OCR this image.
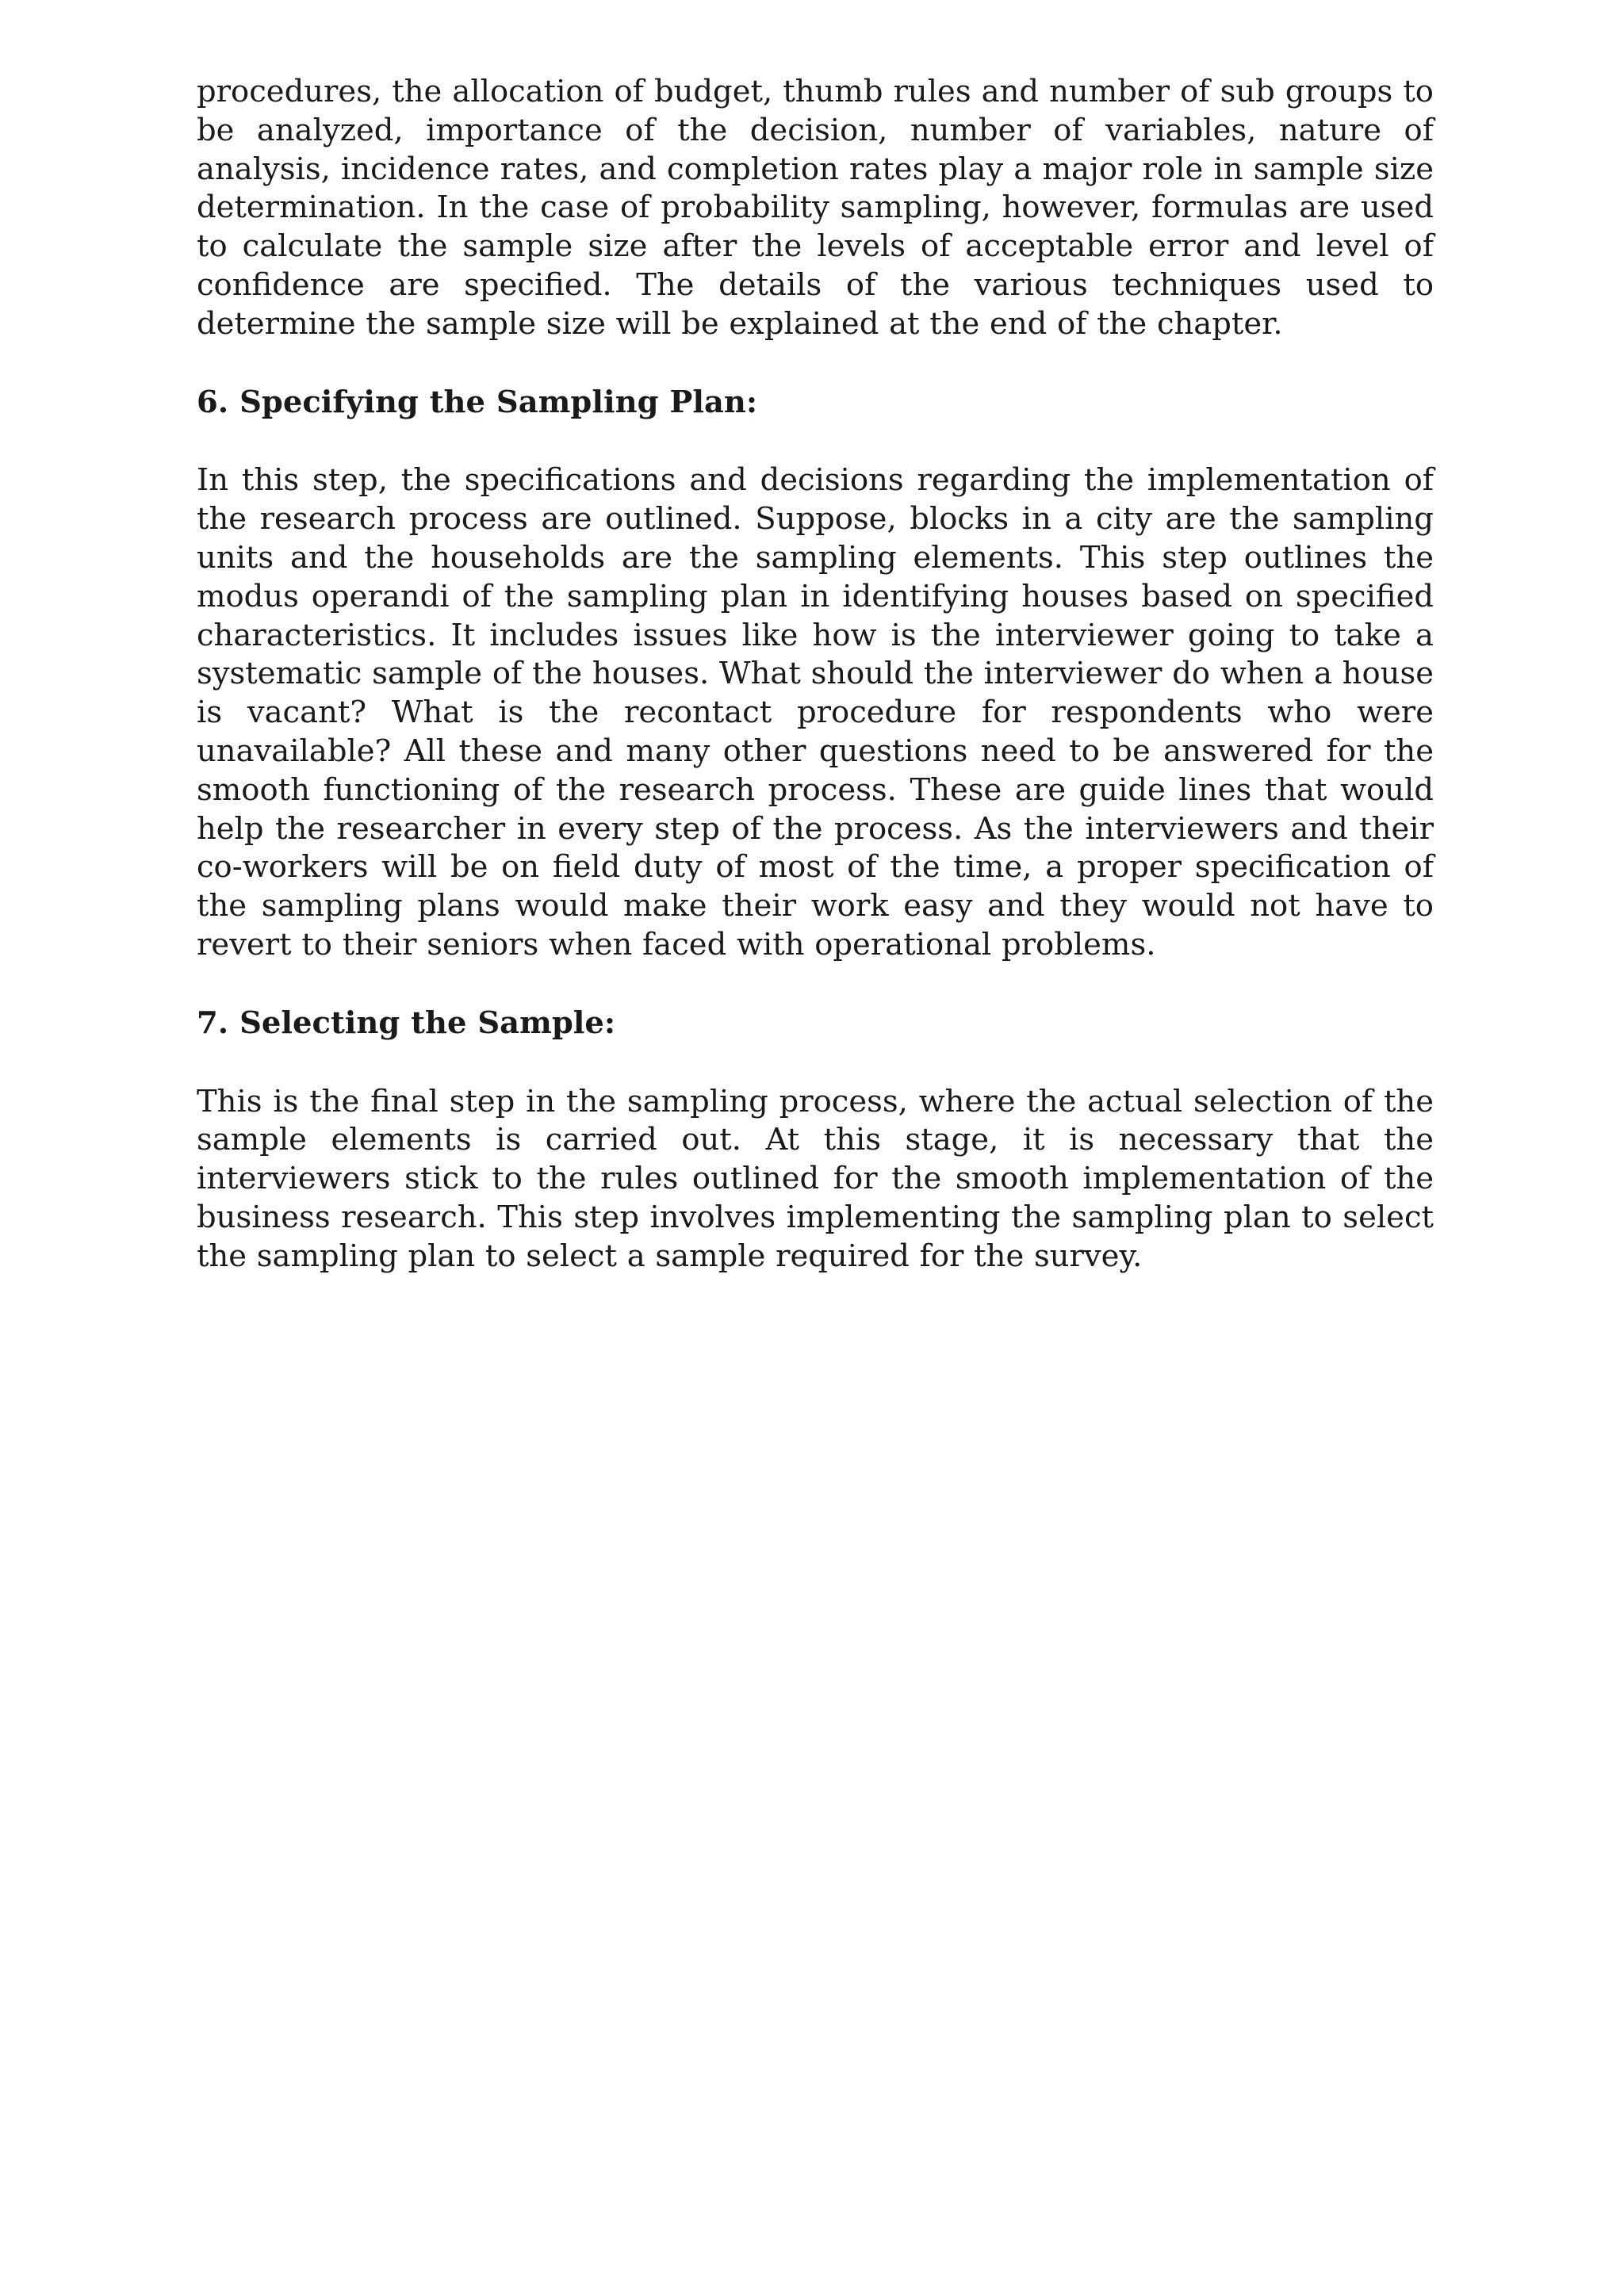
procedures, the allocation of budget, thumb rules and number of sub groups to be analyzed, importance of the decision, number of variables, nature of analysis, incidence rates, and completion rates play a major role in sample size determination. In the case of probability sampling, however, formulas are used to calculate the sample size after the levels of acceptable error and level of confidence are specified. The details of the various techniques used to determine the sample size will be explained at the end of the chapter.

6. Specifying the Sampling Plan:

In this step, the specifications and decisions regarding the implementation of the research process are outlined. Suppose, blocks in a city are the sampling units and the households are the sampling elements. This step outlines the modus operandi of the sampling plan in identifying houses based on specified characteristics. It includes issues like how is the interviewer going to take a systematic sample of the houses. What should the interviewer do when a house is vacant? What is the recontact procedure for respondents who were unavailable? All these and many other questions need to be answered for the smooth functioning of the research process. These are guide lines that would help the researcher in every step of the process. As the interviewers and their co-workers will be on field duty of most of the time, a proper specification of the sampling plans would make their work easy and they would not have to revert to their seniors when faced with operational problems.

7. Selecting the Sample:

This is the final step in the sampling process, where the actual selection of the sample elements is carried out. At this stage, it is necessary that the interviewers stick to the rules outlined for the smooth implementation of the business research. This step involves implementing the sampling plan to select the sampling plan to select a sample required for the survey.
